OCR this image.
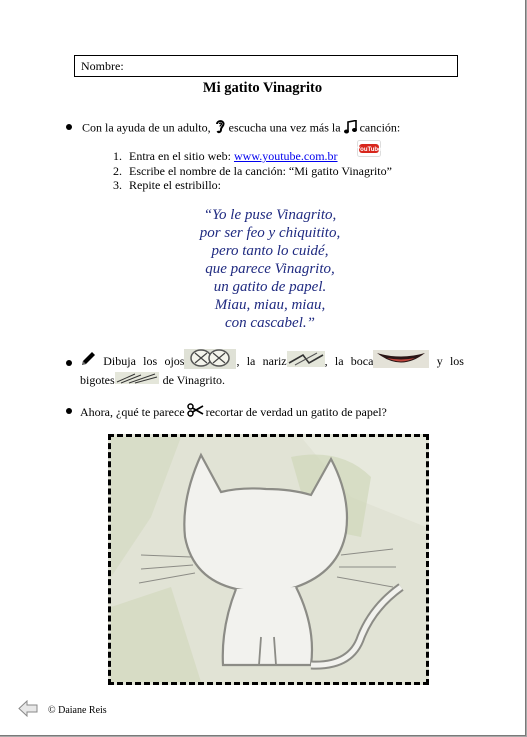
Nombre:
Mi gatito Vinagrito
Con la ayuda de un adulto, escucha una vez más la canción:
YouTube
1. Entra en el sitio web: www.youtube.com.br
2. Escribe el nombre de la canción: “Mi gatito Vinagrito”
3. Repite el estribillo:
“Yo le puse Vinagrito,
por ser feo y chiquitito,
pero tanto lo cuidé,
que parece Vinagrito,
un gatito de papel.
Miau, miau, miau,
con cascabel.”
Dibuja los ojos	, la nariz	, la boca	y los
bigotes	de Vinagrito.
Ahora, ¿qué te parece recortar de verdad un gatito de papel?
© Daiane Reis
